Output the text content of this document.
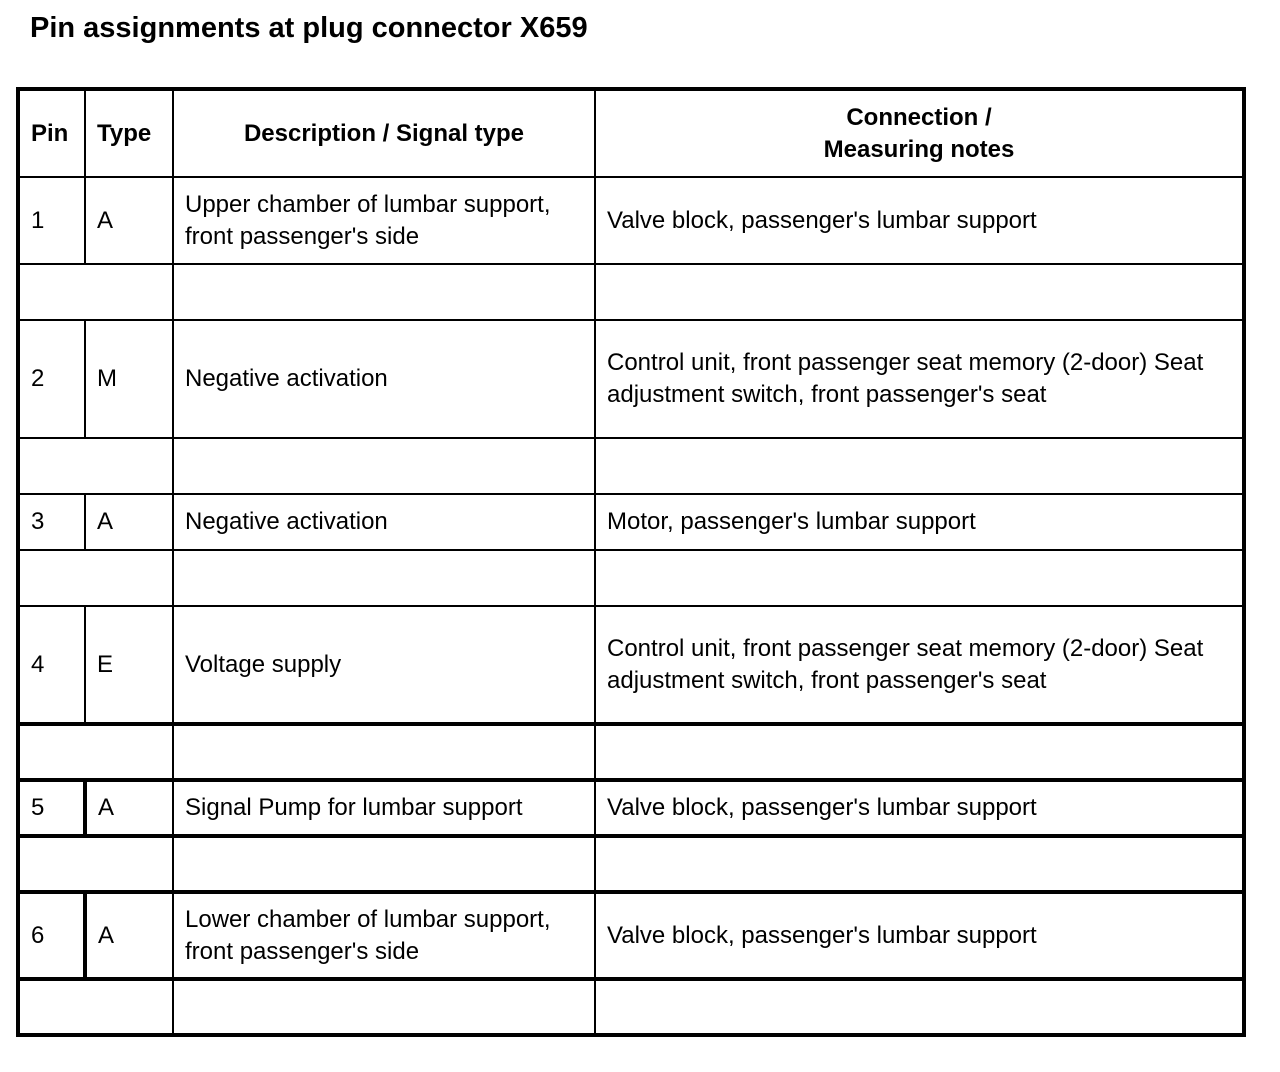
Pin assignments at plug connector X659
Pin	Type	Description / Signal type	Connection /
Measuring notes
1	A	Upper chamber of lumbar support, front passenger's side	Valve block, passenger's lumbar support

2	M	Negative activation	Control unit, front passenger seat memory (2-door) Seat adjustment switch, front passenger's seat

3	A	Negative activation	Motor, passenger's lumbar support

4	E	Voltage supply	Control unit, front passenger seat memory (2-door) Seat adjustment switch, front passenger's seat

5	A	Signal Pump for lumbar support	Valve block, passenger's lumbar support

6	A	Lower chamber of lumbar support, front passenger's side	Valve block, passenger's lumbar support
